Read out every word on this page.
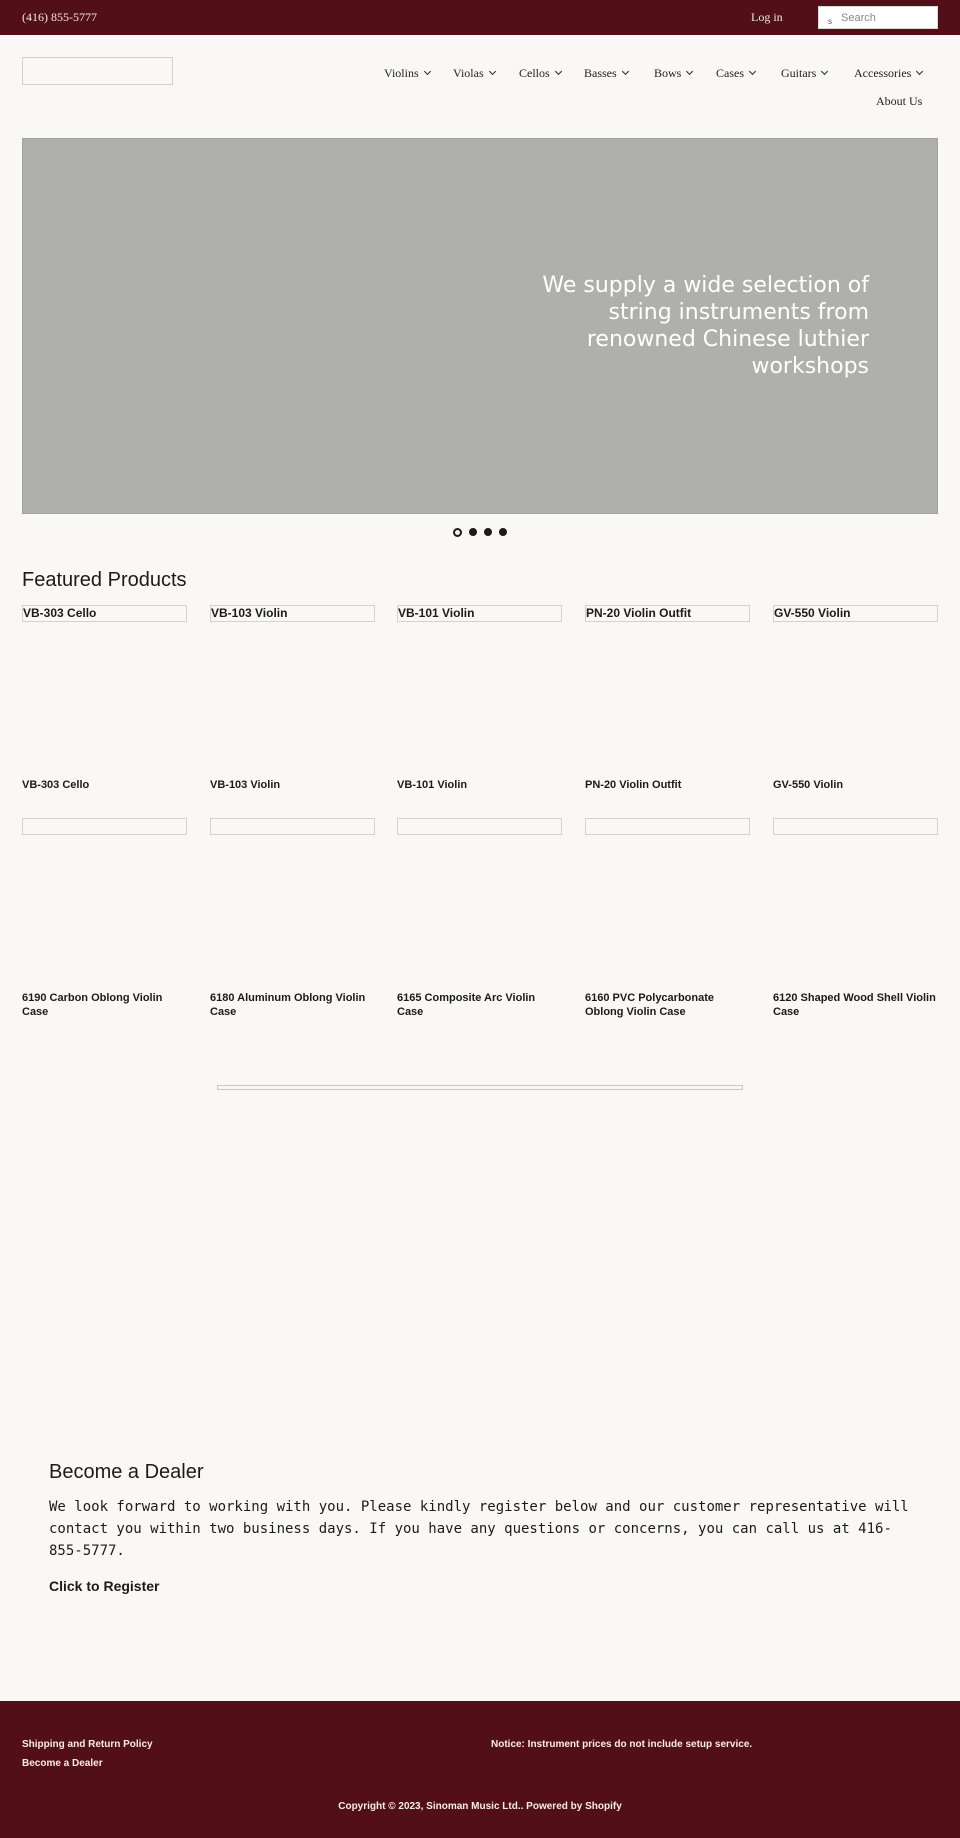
(416) 855-5777	Log in	s
Search
Violins	Violas	Cellos	Basses	Bows	Cases	Guitars	Accessories
About Us
We supply a wide selection of string instruments from renowned Chinese luthier workshops
Featured Products
VB-303 Cello	VB-103 Violin	VB-101 Violin	PN-20 Violin Outfit	GV-550 Violin
VB-303 Cello	VB-103 Violin	VB-101 Violin	PN-20 Violin Outfit	GV-550 Violin
6190 Carbon Oblong Violin Case
6180 Aluminum Oblong Violin Case
6165 Composite Arc Violin Case
6160 PVC Polycarbonate Oblong Violin Case
6120 Shaped Wood Shell Violin Case
Become a Dealer

We look forward to working with you. Please kindly register below and our customer representative will contact you within two business days. If you have any questions or concerns, you can call us at 416-855-5777.

Click to Register
Shipping and Return Policy
Become a Dealer
Notice: Instrument prices do not include setup service.
Copyright © 2023, Sinoman Music Ltd.. Powered by Shopify
